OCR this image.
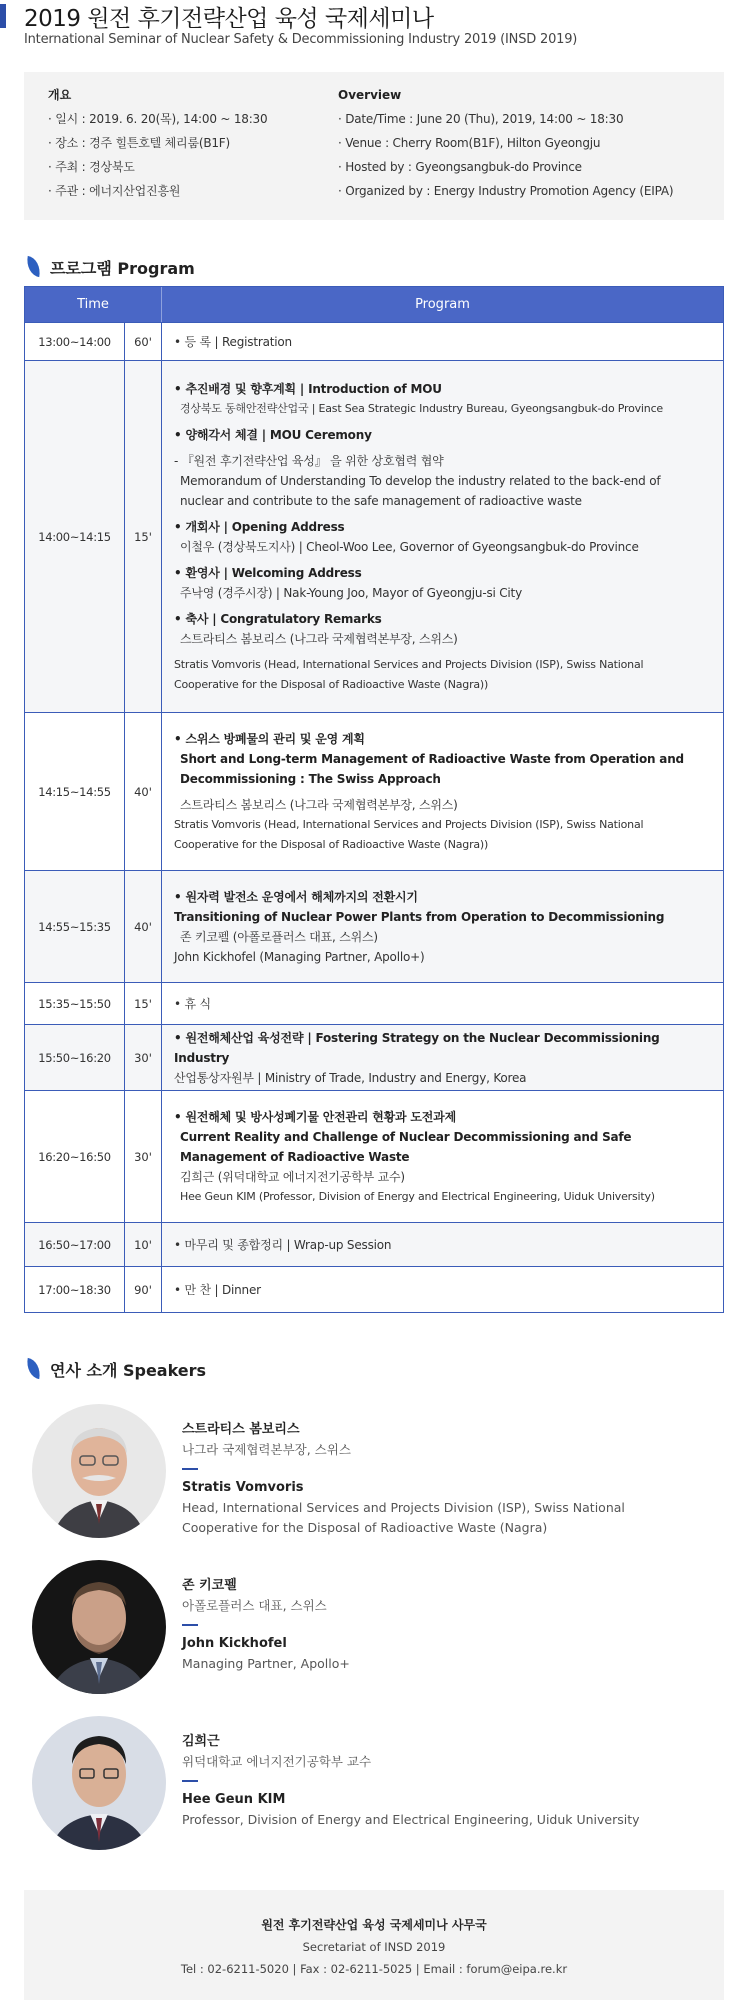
2019 원전 후기전략산업 육성 국제세미나
International Seminar of Nuclear Safety & Decommissioning Industry 2019 (INSD 2019)
개요
· 일시 : 2019. 6. 20(목), 14:00 ~ 18:30
· 장소 : 경주 힐튼호텔 체리룸(B1F)
· 주최 : 경상북도
· 주관 : 에너지산업진흥원
Overview
· Date/Time : June 20 (Thu), 2019, 14:00 ~ 18:30
· Venue : Cherry Room(B1F), Hilton Gyeongju
· Hosted by : Gyeongsangbuk-do Province
· Organized by : Energy Industry Promotion Agency (EIPA)
프로그램 Program
Time	Program
13:00~14:00	60'	• 등 록 | Registration
14:00~14:15	15'
• 추진배경 및 향후계획 | Introduction of MOU
경상북도 동해안전략산업국 | East Sea Strategic Industry Bureau, Gyeongsangbuk-do Province
• 양해각서 체결 | MOU Ceremony
- 『원전 후기전략산업 육성』 을 위한 상호협력 협약
Memorandum of Understanding To develop the industry related to the back-end of
nuclear and contribute to the safe management of radioactive waste
• 개회사 | Opening Address
이철우 (경상북도지사) | Cheol-Woo Lee, Governor of Gyeongsangbuk-do Province
• 환영사 | Welcoming Address
주낙영 (경주시장) | Nak-Young Joo, Mayor of Gyeongju-si City
• 축사 | Congratulatory Remarks
스트라티스 봄보리스 (나그라 국제협력본부장, 스위스)
Stratis Vomvoris (Head, International Services and Projects Division (ISP), Swiss National
Cooperative for the Disposal of Radioactive Waste (Nagra))
14:15~14:55	40'
• 스위스 방폐물의 관리 및 운영 계획
Short and Long-term Management of Radioactive Waste from Operation and
Decommissioning : The Swiss Approach
스트라티스 봄보리스 (나그라 국제협력본부장, 스위스)
Stratis Vomvoris (Head, International Services and Projects Division (ISP), Swiss National
Cooperative for the Disposal of Radioactive Waste (Nagra))
14:55~15:35	40'
• 원자력 발전소 운영에서 해체까지의 전환시기
Transitioning of Nuclear Power Plants from Operation to Decommissioning
존 키코펠 (아폴로플러스 대표, 스위스)
John Kickhofel (Managing Partner, Apollo+)
15:35~15:50	15'	• 휴 식
15:50~16:20	30'
• 원전해체산업 육성전략 | Fostering Strategy on the Nuclear Decommissioning Industry
산업통상자원부 | Ministry of Trade, Industry and Energy, Korea
16:20~16:50	30'
• 원전해체 및 방사성폐기물 안전관리 현황과 도전과제
Current Reality and Challenge of Nuclear Decommissioning and Safe
Management of Radioactive Waste
김희근 (위덕대학교 에너지전기공학부 교수)
Hee Geun KIM (Professor, Division of Energy and Electrical Engineering, Uiduk University)
16:50~17:00	10'	• 마무리 및 종합정리 | Wrap-up Session
17:00~18:30	90'	• 만 찬 | Dinner
연사 소개 Speakers
스트라티스 봄보리스
나그라 국제협력본부장, 스위스
Stratis Vomvoris
Head, International Services and Projects Division (ISP), Swiss National
Cooperative for the Disposal of Radioactive Waste (Nagra)
존 키코펠
아폴로플러스 대표, 스위스
John Kickhofel
Managing Partner, Apollo+
김희근
위덕대학교 에너지전기공학부 교수
Hee Geun KIM
Professor, Division of Energy and Electrical Engineering, Uiduk University
원전 후기전략산업 육성 국제세미나 사무국
Secretariat of INSD 2019
Tel : 02-6211-5020 | Fax : 02-6211-5025 | Email : forum@eipa.re.kr
